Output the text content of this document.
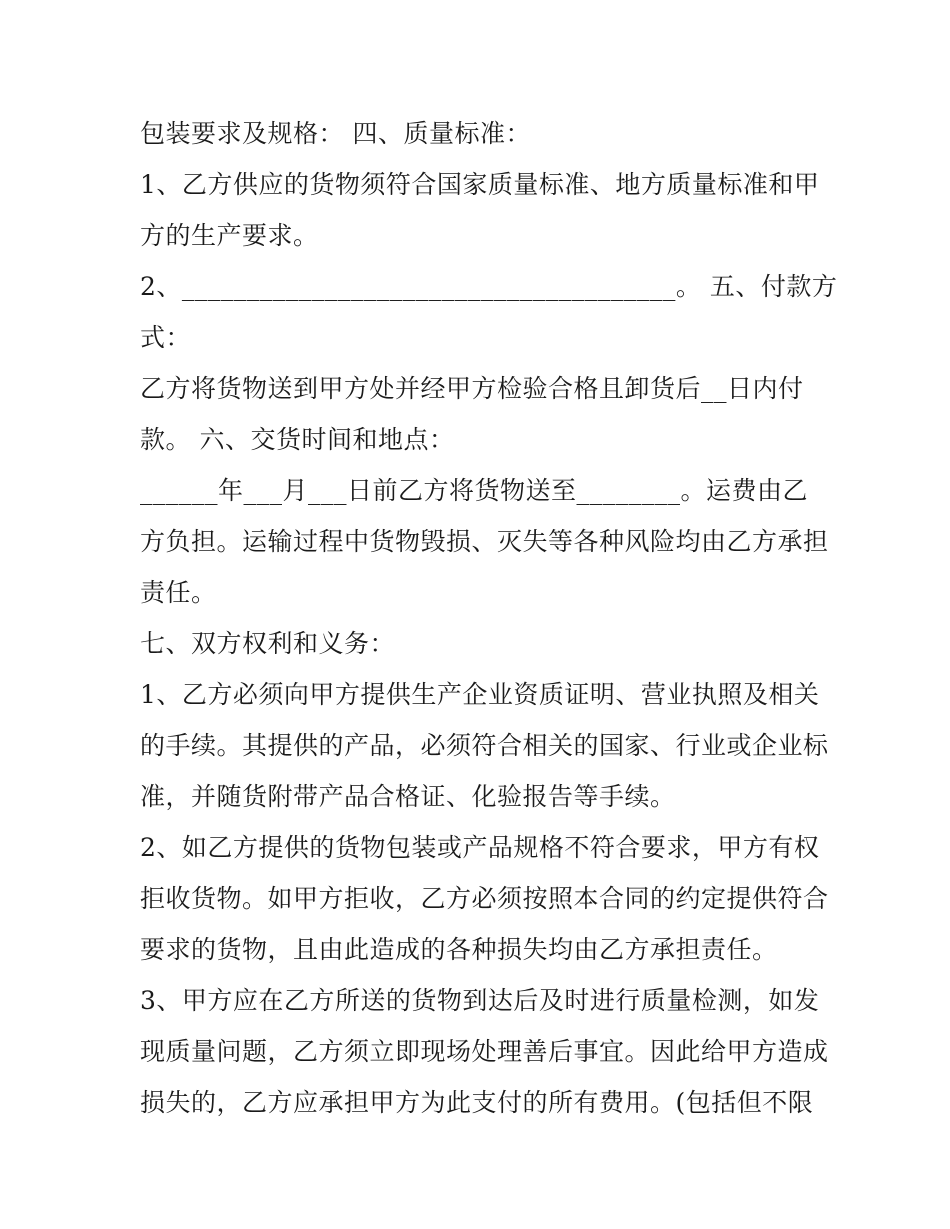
包装要求及规格： 四、质量标准：
1、乙方供应的货物须符合国家质量标准、地方质量标准和甲
方的生产要求。
2、______________________________________。 五、付款方
式：
乙方将货物送到甲方处并经甲方检验合格且卸货后__日内付
款。 六、交货时间和地点：
______年___月___日前乙方将货物送至________。运费由乙
方负担。运输过程中货物毁损、灭失等各种风险均由乙方承担
责任。
七、双方权利和义务：
1、乙方必须向甲方提供生产企业资质证明、营业执照及相关
的手续。其提供的产品，必须符合相关的国家、行业或企业标
准，并随货附带产品合格证、化验报告等手续。
2、如乙方提供的货物包装或产品规格不符合要求，甲方有权
拒收货物。如甲方拒收，乙方必须按照本合同的约定提供符合
要求的货物，且由此造成的各种损失均由乙方承担责任。
3、甲方应在乙方所送的货物到达后及时进行质量检测，如发
现质量问题，乙方须立即现场处理善后事宜。因此给甲方造成
损失的，乙方应承担甲方为此支付的所有费用。(包括但不限
